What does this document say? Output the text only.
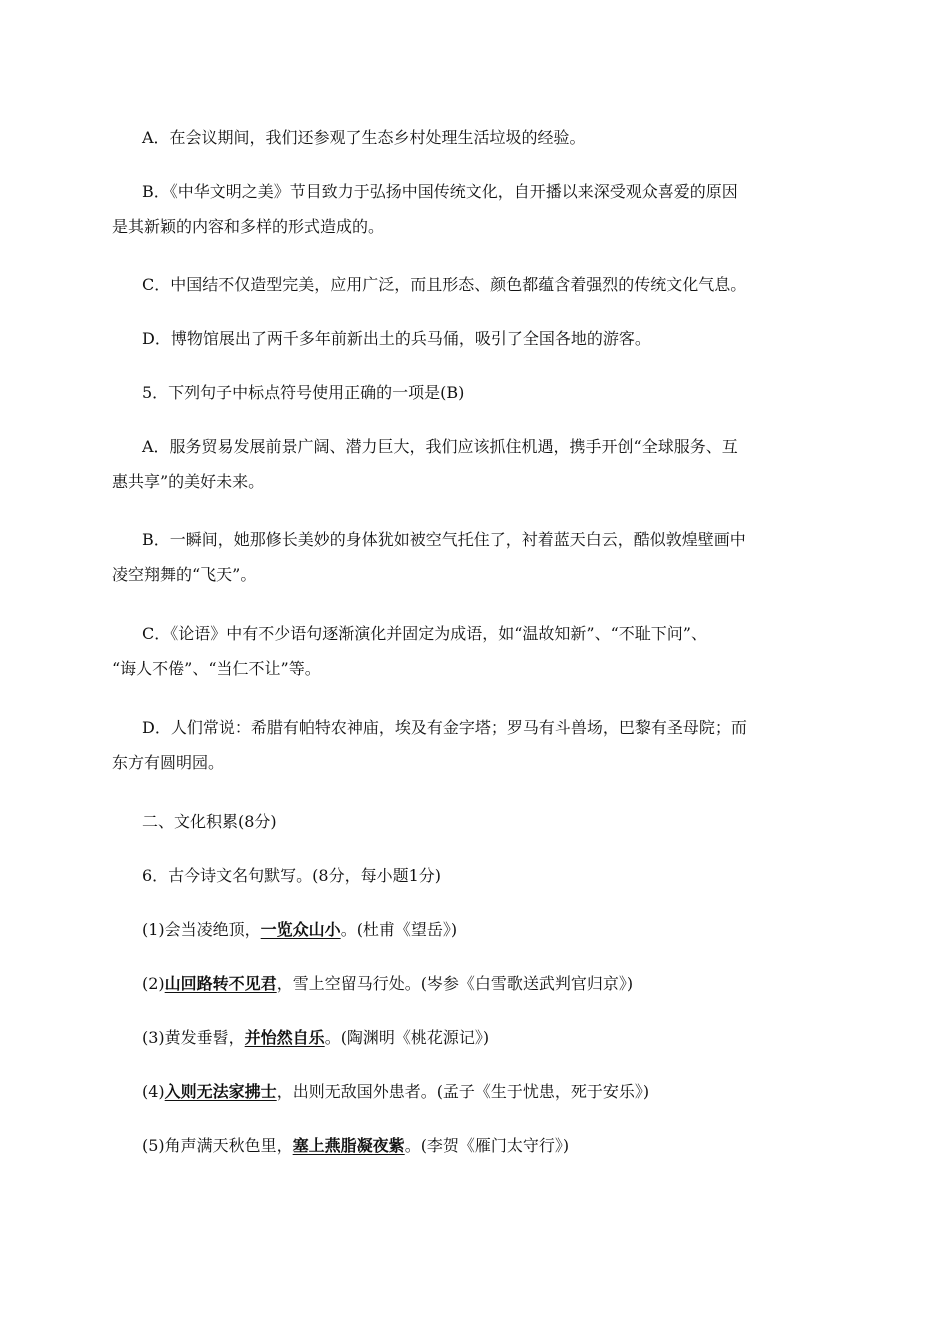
A．在会议期间，我们还参观了生态乡村处理生活垃圾的经验。

B．《中华文明之美》节目致力于弘扬中国传统文化，自开播以来深受观众喜爱的原因
是其新颖的内容和多样的形式造成的。

C．中国结不仅造型完美，应用广泛，而且形态、颜色都蕴含着强烈的传统文化气息。

D．博物馆展出了两千多年前新出土的兵马俑，吸引了全国各地的游客。

5．下列句子中标点符号使用正确的一项是(B)

A．服务贸易发展前景广阔、潜力巨大，我们应该抓住机遇，携手开创“全球服务、互
惠共享”的美好未来。

B．一瞬间，她那修长美妙的身体犹如被空气托住了，衬着蓝天白云，酷似敦煌壁画中
凌空翔舞的“飞天”。

C．《论语》中有不少语句逐渐演化并固定为成语，如“温故知新”、“不耻下问”、
“诲人不倦”、“当仁不让”等。

D．人们常说：希腊有帕特农神庙，埃及有金字塔；罗马有斗兽场，巴黎有圣母院；而
东方有圆明园。

二、文化积累(8分)

6．古今诗文名句默写。(8分，每小题1分)

(1)会当凌绝顶，一览众山小。(杜甫《望岳》)

(2)山回路转不见君，雪上空留马行处。(岑参《白雪歌送武判官归京》)

(3)黄发垂髫，并怡然自乐。(陶渊明《桃花源记》)

(4)入则无法家拂士，出则无敌国外患者。(孟子《生于忧患，死于安乐》)

(5)角声满天秋色里，塞上燕脂凝夜紫。(李贺《雁门太守行》)
